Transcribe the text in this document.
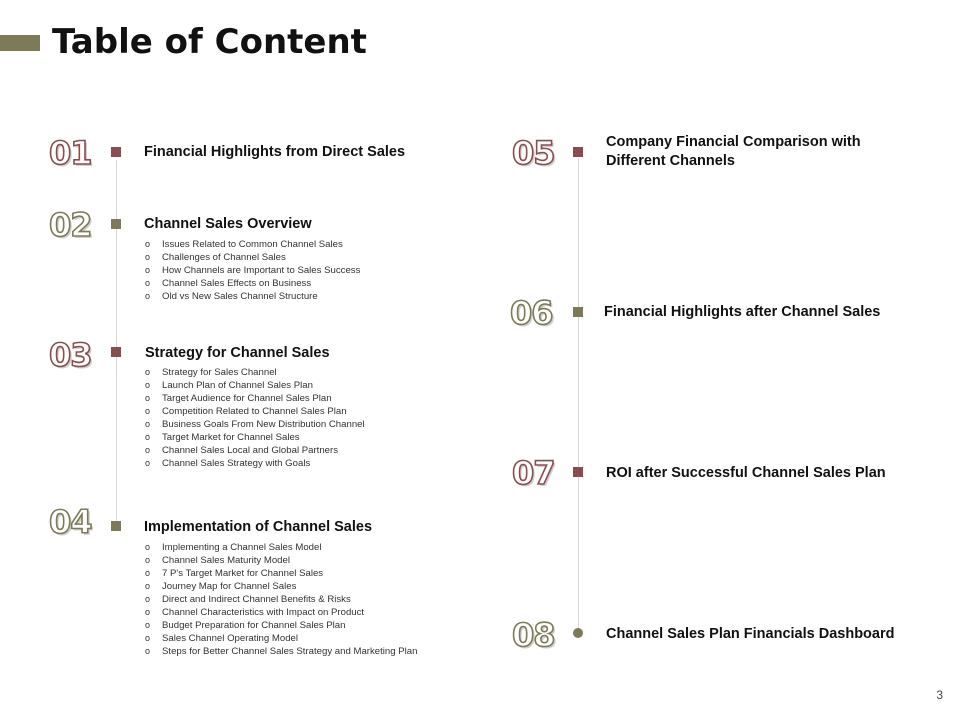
Table of Content
01	Financial Highlights from Direct Sales
02	Channel Sales Overview
o Issues Related to Common Channel Sales
o Challenges of Channel Sales
o How Channels are Important to Sales Success
o Channel Sales Effects on Business
o Old vs New Sales Channel Structure
03	Strategy for Channel Sales
o Strategy for Sales Channel
o Launch Plan of Channel Sales Plan
o Target Audience for Channel Sales Plan
o Competition Related to Channel Sales Plan
o Business Goals From New Distribution Channel
o Target Market for Channel Sales
o Channel Sales Local and Global Partners
o Channel Sales Strategy with Goals
04	Implementation of Channel Sales
o Implementing a Channel Sales Model
o Channel Sales Maturity Model
o 7 P's Target Market for Channel Sales
o Journey Map for Channel Sales
o Direct and Indirect Channel Benefits & Risks
o Channel Characteristics with Impact on Product
o Budget Preparation for Channel Sales Plan
o Sales Channel Operating Model
o Steps for Better Channel Sales Strategy and Marketing Plan
05	Company Financial Comparison with Different Channels
06	Financial Highlights after Channel Sales
07	ROI after Successful Channel Sales Plan
08	Channel Sales Plan Financials Dashboard
3
